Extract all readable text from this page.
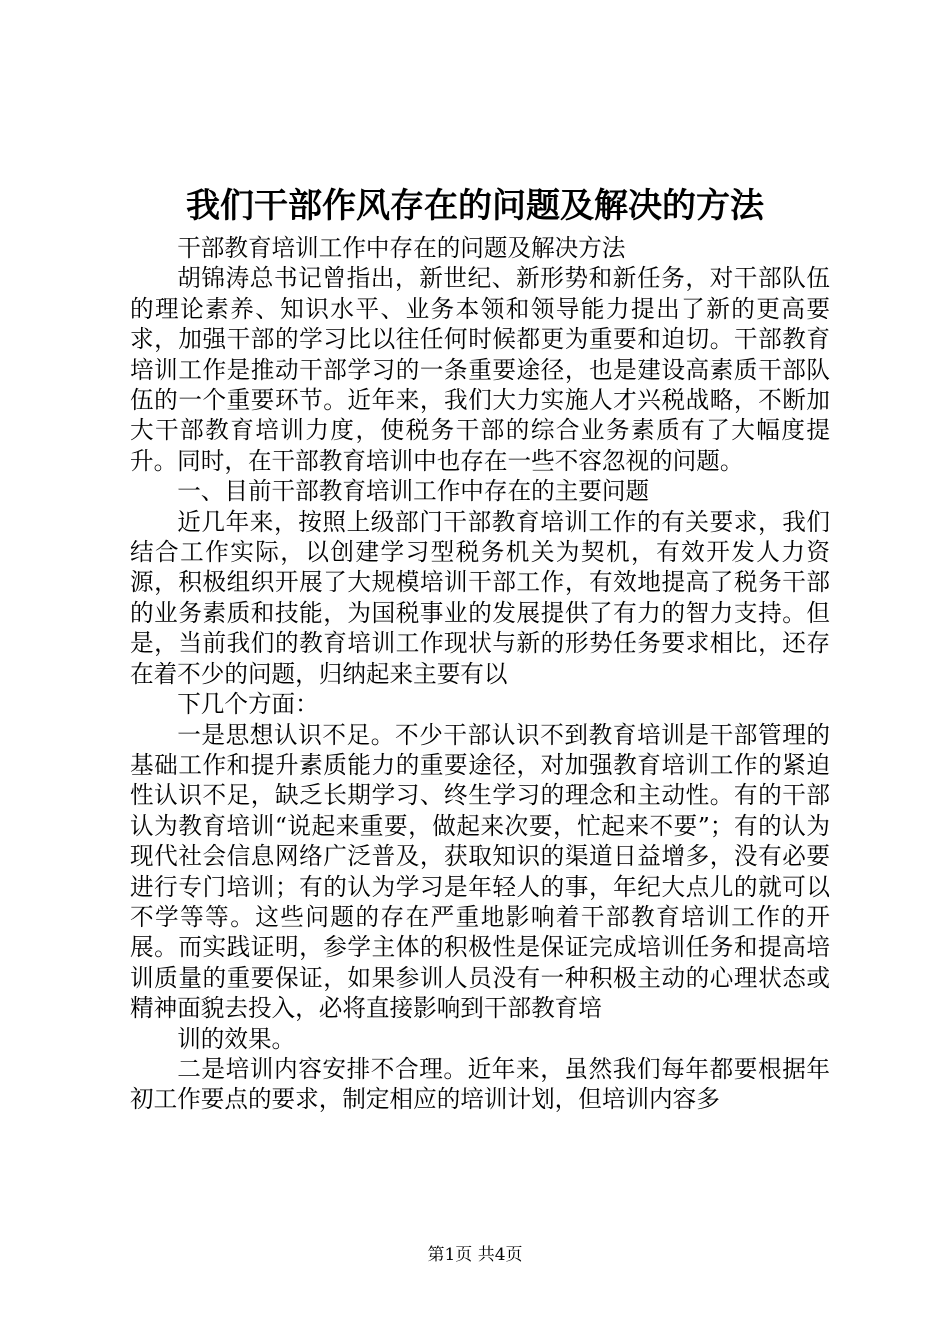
我们干部作风存在的问题及解决的方法

干部教育培训工作中存在的问题及解决方法

胡锦涛总书记曾指出，新世纪、新形势和新任务，对干部队伍的理论素养、知识水平、业务本领和领导能力提出了新的更高要求，加强干部的学习比以往任何时候都更为重要和迫切。干部教育培训工作是推动干部学习的一条重要途径，也是建设高素质干部队伍的一个重要环节。近年来，我们大力实施人才兴税战略，不断加大干部教育培训力度，使税务干部的综合业务素质有了大幅度提升。同时，在干部教育培训中也存在一些不容忽视的问题。

一、目前干部教育培训工作中存在的主要问题

近几年来，按照上级部门干部教育培训工作的有关要求，我们结合工作实际，以创建学习型税务机关为契机，有效开发人力资源，积极组织开展了大规模培训干部工作，有效地提高了税务干部的业务素质和技能，为国税事业的发展提供了有力的智力支持。但是，当前我们的教育培训工作现状与新的形势任务要求相比，还存在着不少的问题，归纳起来主要有以

下几个方面：

一是思想认识不足。不少干部认识不到教育培训是干部管理的基础工作和提升素质能力的重要途径，对加强教育培训工作的紧迫性认识不足，缺乏长期学习、终生学习的理念和主动性。有的干部认为教育培训“说起来重要，做起来次要，忙起来不要”；有的认为现代社会信息网络广泛普及，获取知识的渠道日益增多，没有必要进行专门培训；有的认为学习是年轻人的事，年纪大点儿的就可以不学等等。这些问题的存在严重地影响着干部教育培训工作的开展。而实践证明，参学主体的积极性是保证完成培训任务和提高培训质量的重要保证，如果参训人员没有一种积极主动的心理状态或精神面貌去投入，必将直接影响到干部教育培

训的效果。

二是培训内容安排不合理。近年来，虽然我们每年都要根据年初工作要点的要求，制定相应的培训计划，但培训内容多

第1页 共4页
